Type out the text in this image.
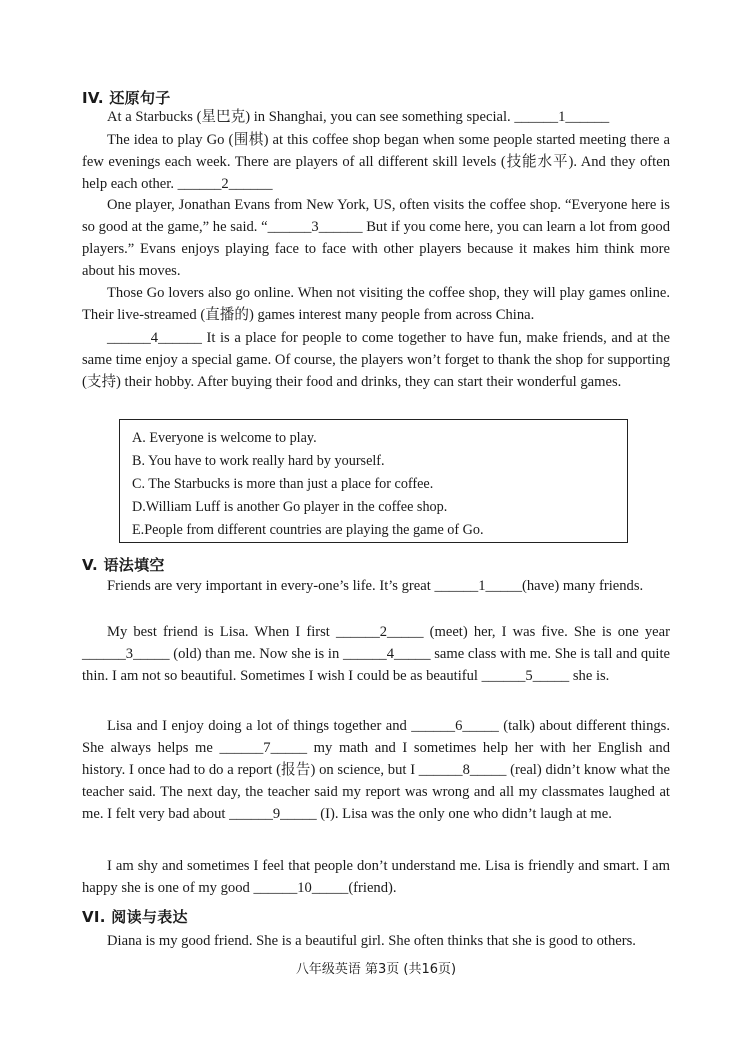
IV. 还原句子

At a Starbucks (星巴克) in Shanghai, you can see something special. ______1______

The idea to play Go (围棋) at this coffee shop began when some people started meeting there a few evenings each week. There are players of all different skill levels (技能水平). And they often help each other. ______2______

One player, Jonathan Evans from New York, US, often visits the coffee shop. “Everyone here is so good at the game,” he said. “______3______ But if you come here, you can learn a lot from good players.” Evans enjoys playing face to face with other players because it makes him think more about his moves.

Those Go lovers also go online. When not visiting the coffee shop, they will play games online. Their live-streamed (直播的) games interest many people from across China.

______4______ It is a place for people to come together to have fun, make friends, and at the same time enjoy a special game. Of course, the players won’t forget to thank the shop for supporting (支持) their hobby. After buying their food and drinks, they can start their wonderful games.

A. Everyone is welcome to play.
B. You have to work really hard by yourself.
C. The Starbucks is more than just a place for coffee.
D.William Luff is another Go player in the coffee shop.
E.People from different countries are playing the game of Go.
V. 语法填空

Friends are very important in every-one’s life. It’s great ______1_____(have) many friends.

My best friend is Lisa. When I first ______2_____ (meet) her, I was five. She is one year ______3_____ (old) than me. Now she is in ______4_____ same class with me. She is tall and quite thin. I am not so beautiful. Sometimes I wish I could be as beautiful ______5_____ she is.

Lisa and I enjoy doing a lot of things together and ______6_____ (talk) about different things. She always helps me ______7_____ my math and I sometimes help her with her English and history. I once had to do a report (报告) on science, but I ______8_____ (real) didn’t know what the teacher said. The next day, the teacher said my report was wrong and all my classmates laughed at me. I felt very bad about ______9_____ (I). Lisa was the only one who didn’t laugh at me.

I am shy and sometimes I feel that people don’t understand me. Lisa is friendly and smart. I am happy she is one of my good ______10_____(friend).

VI. 阅读与表达

Diana is my good friend. She is a beautiful girl. She often thinks that she is good to others.

八年级英语 第3页 (共16页)
